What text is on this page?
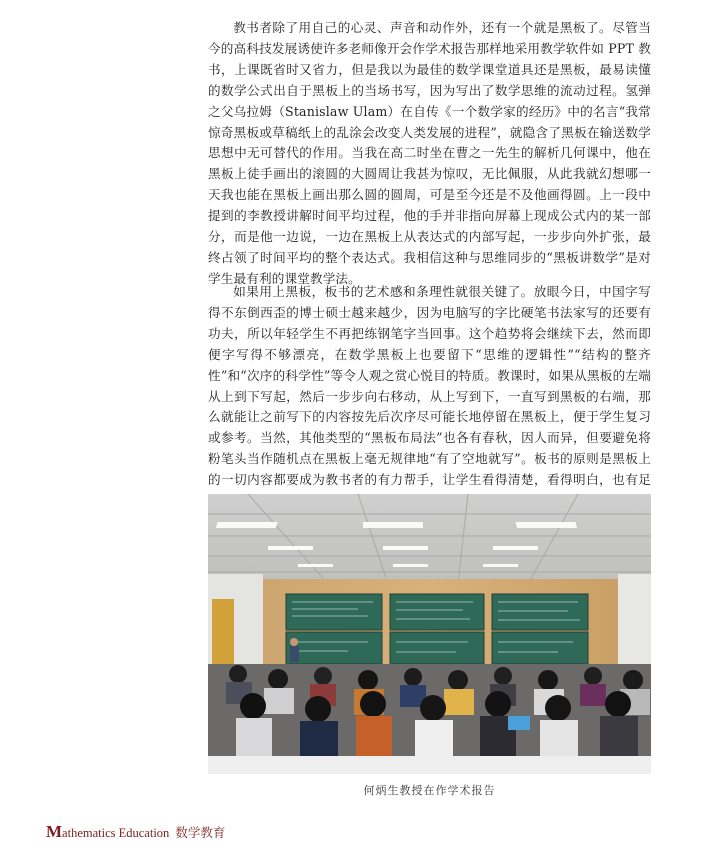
教书者除了用自己的心灵、声音和动作外，还有一个就是黑板了。尽管当今的高科技发展诱使许多老师像开会作学术报告那样地采用教学软件如 PPT 教书，上课既省时又省力，但是我以为最佳的数学课堂道具还是黑板，最易读懂的数学公式出自于黑板上的当场书写，因为写出了数学思维的流动过程。氢弹之父乌拉姆（Stanislaw Ulam）在自传《一个数学家的经历》中的名言“我常惊奇黑板或草稿纸上的乱涂会改变人类发展的进程”，就隐含了黑板在输送数学思想中无可替代的作用。当我在高二时坐在曹之一先生的解析几何课中，他在黑板上徒手画出的滚圆的大圆周让我甚为惊叹，无比佩服，从此我就幻想哪一天我也能在黑板上画出那么圆的圆周，可是至今还是不及他画得圆。上一段中提到的李教授讲解时间平均过程，他的手并非指向屏幕上现成公式内的某一部分，而是他一边说，一边在黑板上从表达式的内部写起，一步步向外扩张，最终占领了时间平均的整个表达式。我相信这种与思维同步的“黑板讲数学”是对学生最有利的课堂教学法。

如果用上黑板，板书的艺术感和条理性就很关键了。放眼今日，中国字写得不东倒西歪的博士硕士越来越少，因为电脑写的字比硬笔书法家写的还要有功夫，所以年轻学生不再把练钢笔字当回事。这个趋势将会继续下去，然而即便字写得不够漂亮，在数学黑板上也要留下“思维的逻辑性”“结构的整齐性”和“次序的科学性”等令人观之赏心悦目的特质。教课时，如果从黑板的左端从上到下写起，然后一步步向右移动，从上写到下，一直写到黑板的右端，那么就能让之前写下的内容按先后次序尽可能长地停留在黑板上，便于学生复习或参考。当然，其他类型的“黑板布局法”也各有春秋，因人而异，但要避免将粉笔头当作随机点在黑板上毫无规律地“有了空地就写”。板书的原则是黑板上的一切内容都要成为教书者的有力帮手，让学生看得清楚，看得明白，也有足

何炳生教授在作学术报告
Mathematics Education 数学教育
